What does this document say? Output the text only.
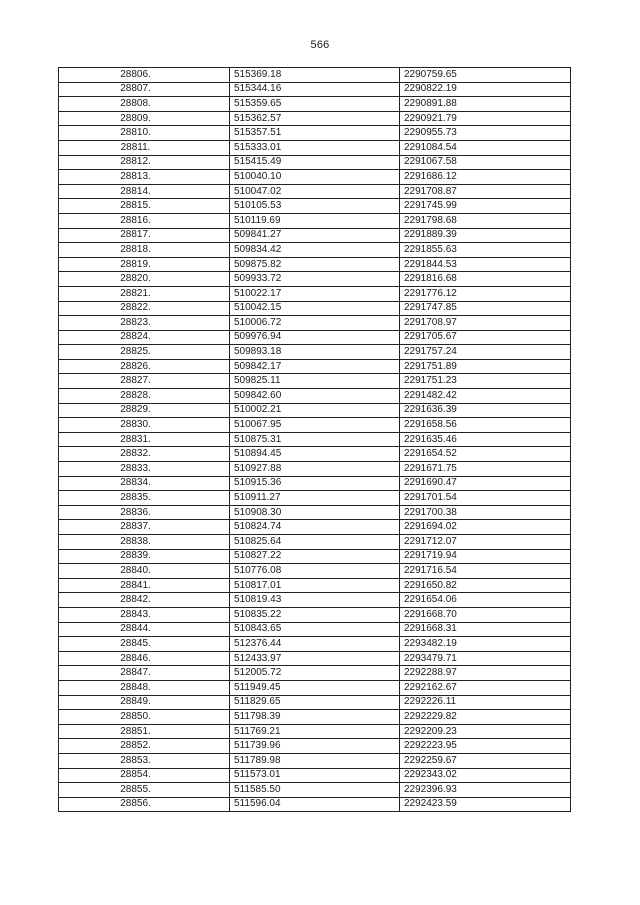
566
28806.	515369.18	2290759.65
28807.	515344.16	2290822.19
28808.	515359.65	2290891.88
28809.	515362.57	2290921.79
28810.	515357.51	2290955.73
28811.	515333.01	2291084.54
28812.	515415.49	2291067.58
28813.	510040.10	2291686.12
28814.	510047.02	2291708.87
28815.	510105.53	2291745.99
28816.	510119.69	2291798.68
28817.	509841.27	2291889.39
28818.	509834.42	2291855.63
28819.	509875.82	2291844.53
28820.	509933.72	2291816.68
28821.	510022.17	2291776.12
28822.	510042.15	2291747.85
28823.	510006.72	2291708.97
28824.	509976.94	2291705.67
28825.	509893.18	2291757.24
28826.	509842.17	2291751.89
28827.	509825.11	2291751.23
28828.	509842.60	2291482.42
28829.	510002.21	2291636.39
28830.	510067.95	2291658.56
28831.	510875.31	2291635.46
28832.	510894.45	2291654.52
28833.	510927.88	2291671.75
28834.	510915.36	2291690.47
28835.	510911.27	2291701.54
28836.	510908.30	2291700.38
28837.	510824.74	2291694.02
28838.	510825.64	2291712.07
28839.	510827.22	2291719.94
28840.	510776.08	2291716.54
28841.	510817.01	2291650.82
28842.	510819.43	2291654.06
28843.	510835.22	2291668.70
28844.	510843.65	2291668.31
28845.	512376.44	2293482.19
28846.	512433.97	2293479.71
28847.	512005.72	2292288.97
28848.	511949.45	2292162.67
28849.	511829.65	2292226.11
28850.	511798.39	2292229.82
28851.	511769.21	2292209.23
28852.	511739.96	2292223.95
28853.	511789.98	2292259.67
28854.	511573.01	2292343.02
28855.	511585.50	2292396.93
28856.	511596.04	2292423.59
